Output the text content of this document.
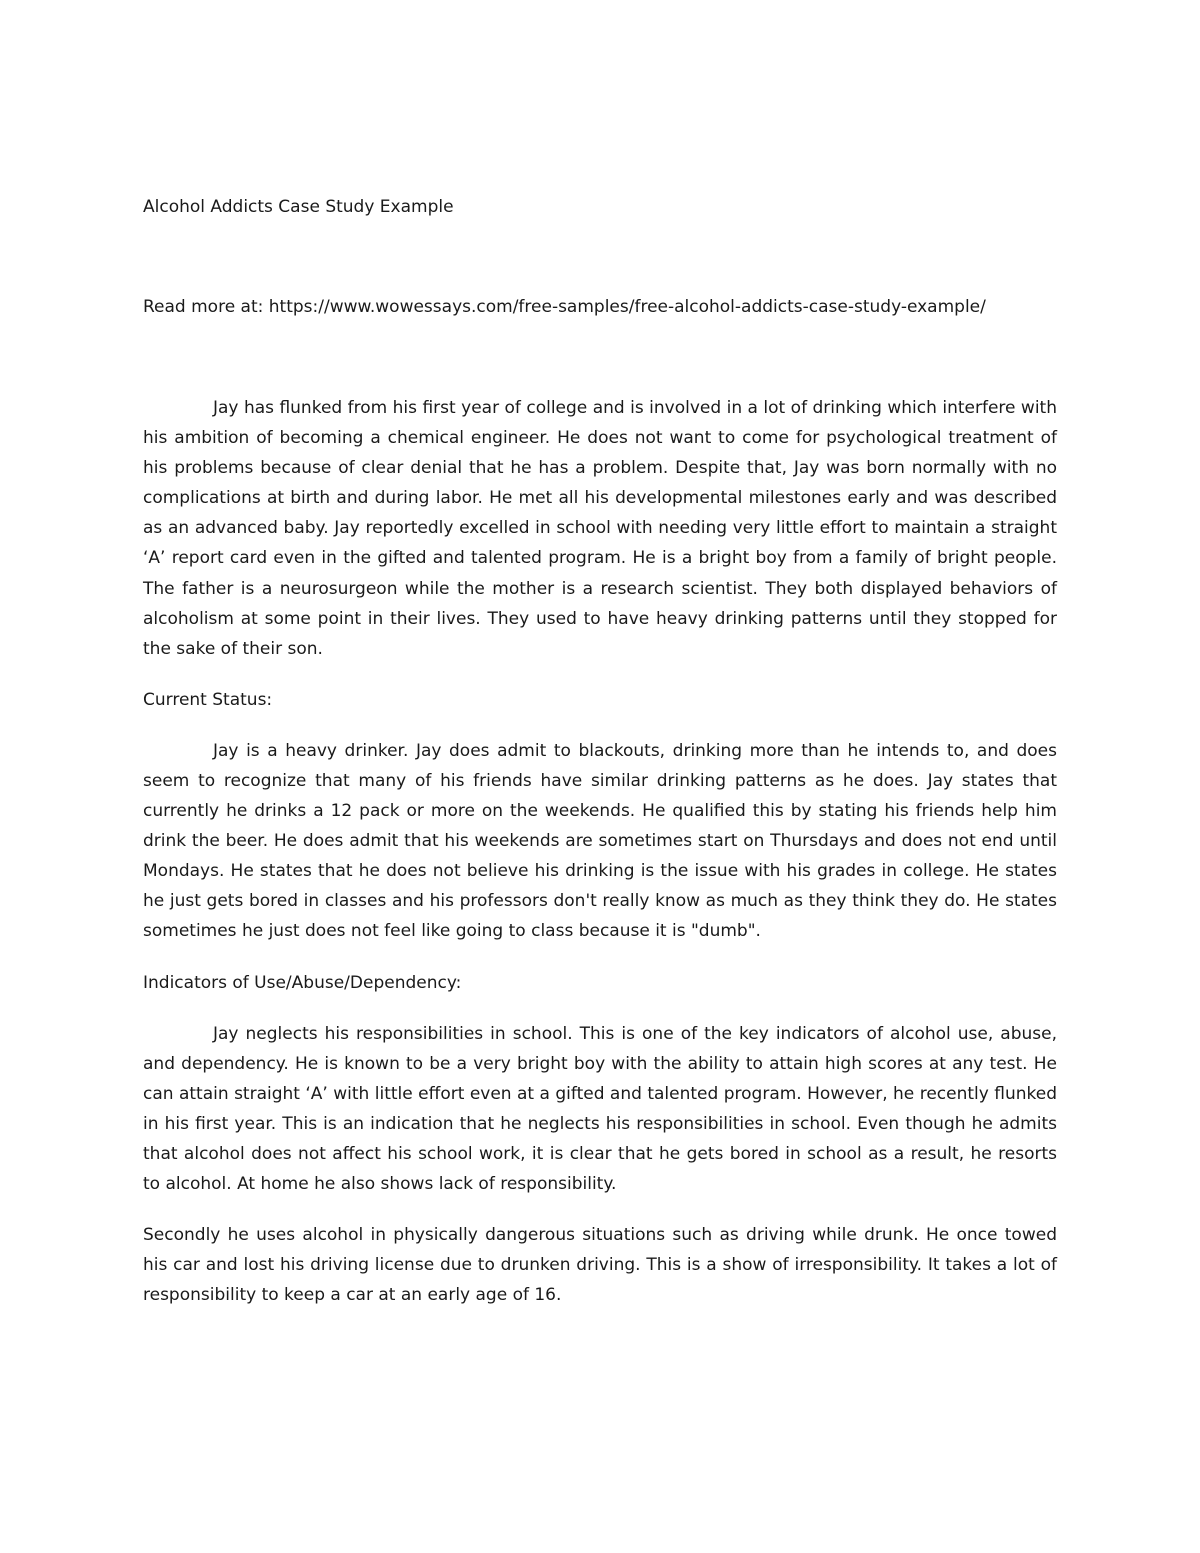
Alcohol Addicts Case Study Example

Read more at: https://www.wowessays.com/free-samples/free-alcohol-addicts-case-study-example/

Jay has flunked from his first year of college and is involved in a lot of drinking which interfere with his ambition of becoming a chemical engineer. He does not want to come for psychological treatment of his problems because of clear denial that he has a problem. Despite that, Jay was born normally with no complications at birth and during labor. He met all his developmental milestones early and was described as an advanced baby. Jay reportedly excelled in school with needing very little effort to maintain a straight ‘A’ report card even in the gifted and talented program. He is a bright boy from a family of bright people. The father is a neurosurgeon while the mother is a research scientist. They both displayed behaviors of alcoholism at some point in their lives. They used to have heavy drinking patterns until they stopped for the sake of their son.

Current Status:

Jay is a heavy drinker. Jay does admit to blackouts, drinking more than he intends to, and does seem to recognize that many of his friends have similar drinking patterns as he does. Jay states that currently he drinks a 12 pack or more on the weekends. He qualified this by stating his friends help him drink the beer. He does admit that his weekends are sometimes start on Thursdays and does not end until Mondays. He states that he does not believe his drinking is the issue with his grades in college. He states he just gets bored in classes and his professors don't really know as much as they think they do. He states sometimes he just does not feel like going to class because it is "dumb".

Indicators of Use/Abuse/Dependency:

Jay neglects his responsibilities in school. This is one of the key indicators of alcohol use, abuse, and dependency. He is known to be a very bright boy with the ability to attain high scores at any test. He can attain straight ‘A’ with little effort even at a gifted and talented program. However, he recently flunked in his first year. This is an indication that he neglects his responsibilities in school. Even though he admits that alcohol does not affect his school work, it is clear that he gets bored in school as a result, he resorts to alcohol. At home he also shows lack of responsibility.

Secondly he uses alcohol in physically dangerous situations such as driving while drunk. He once towed his car and lost his driving license due to drunken driving. This is a show of irresponsibility. It takes a lot of responsibility to keep a car at an early age of 16.
